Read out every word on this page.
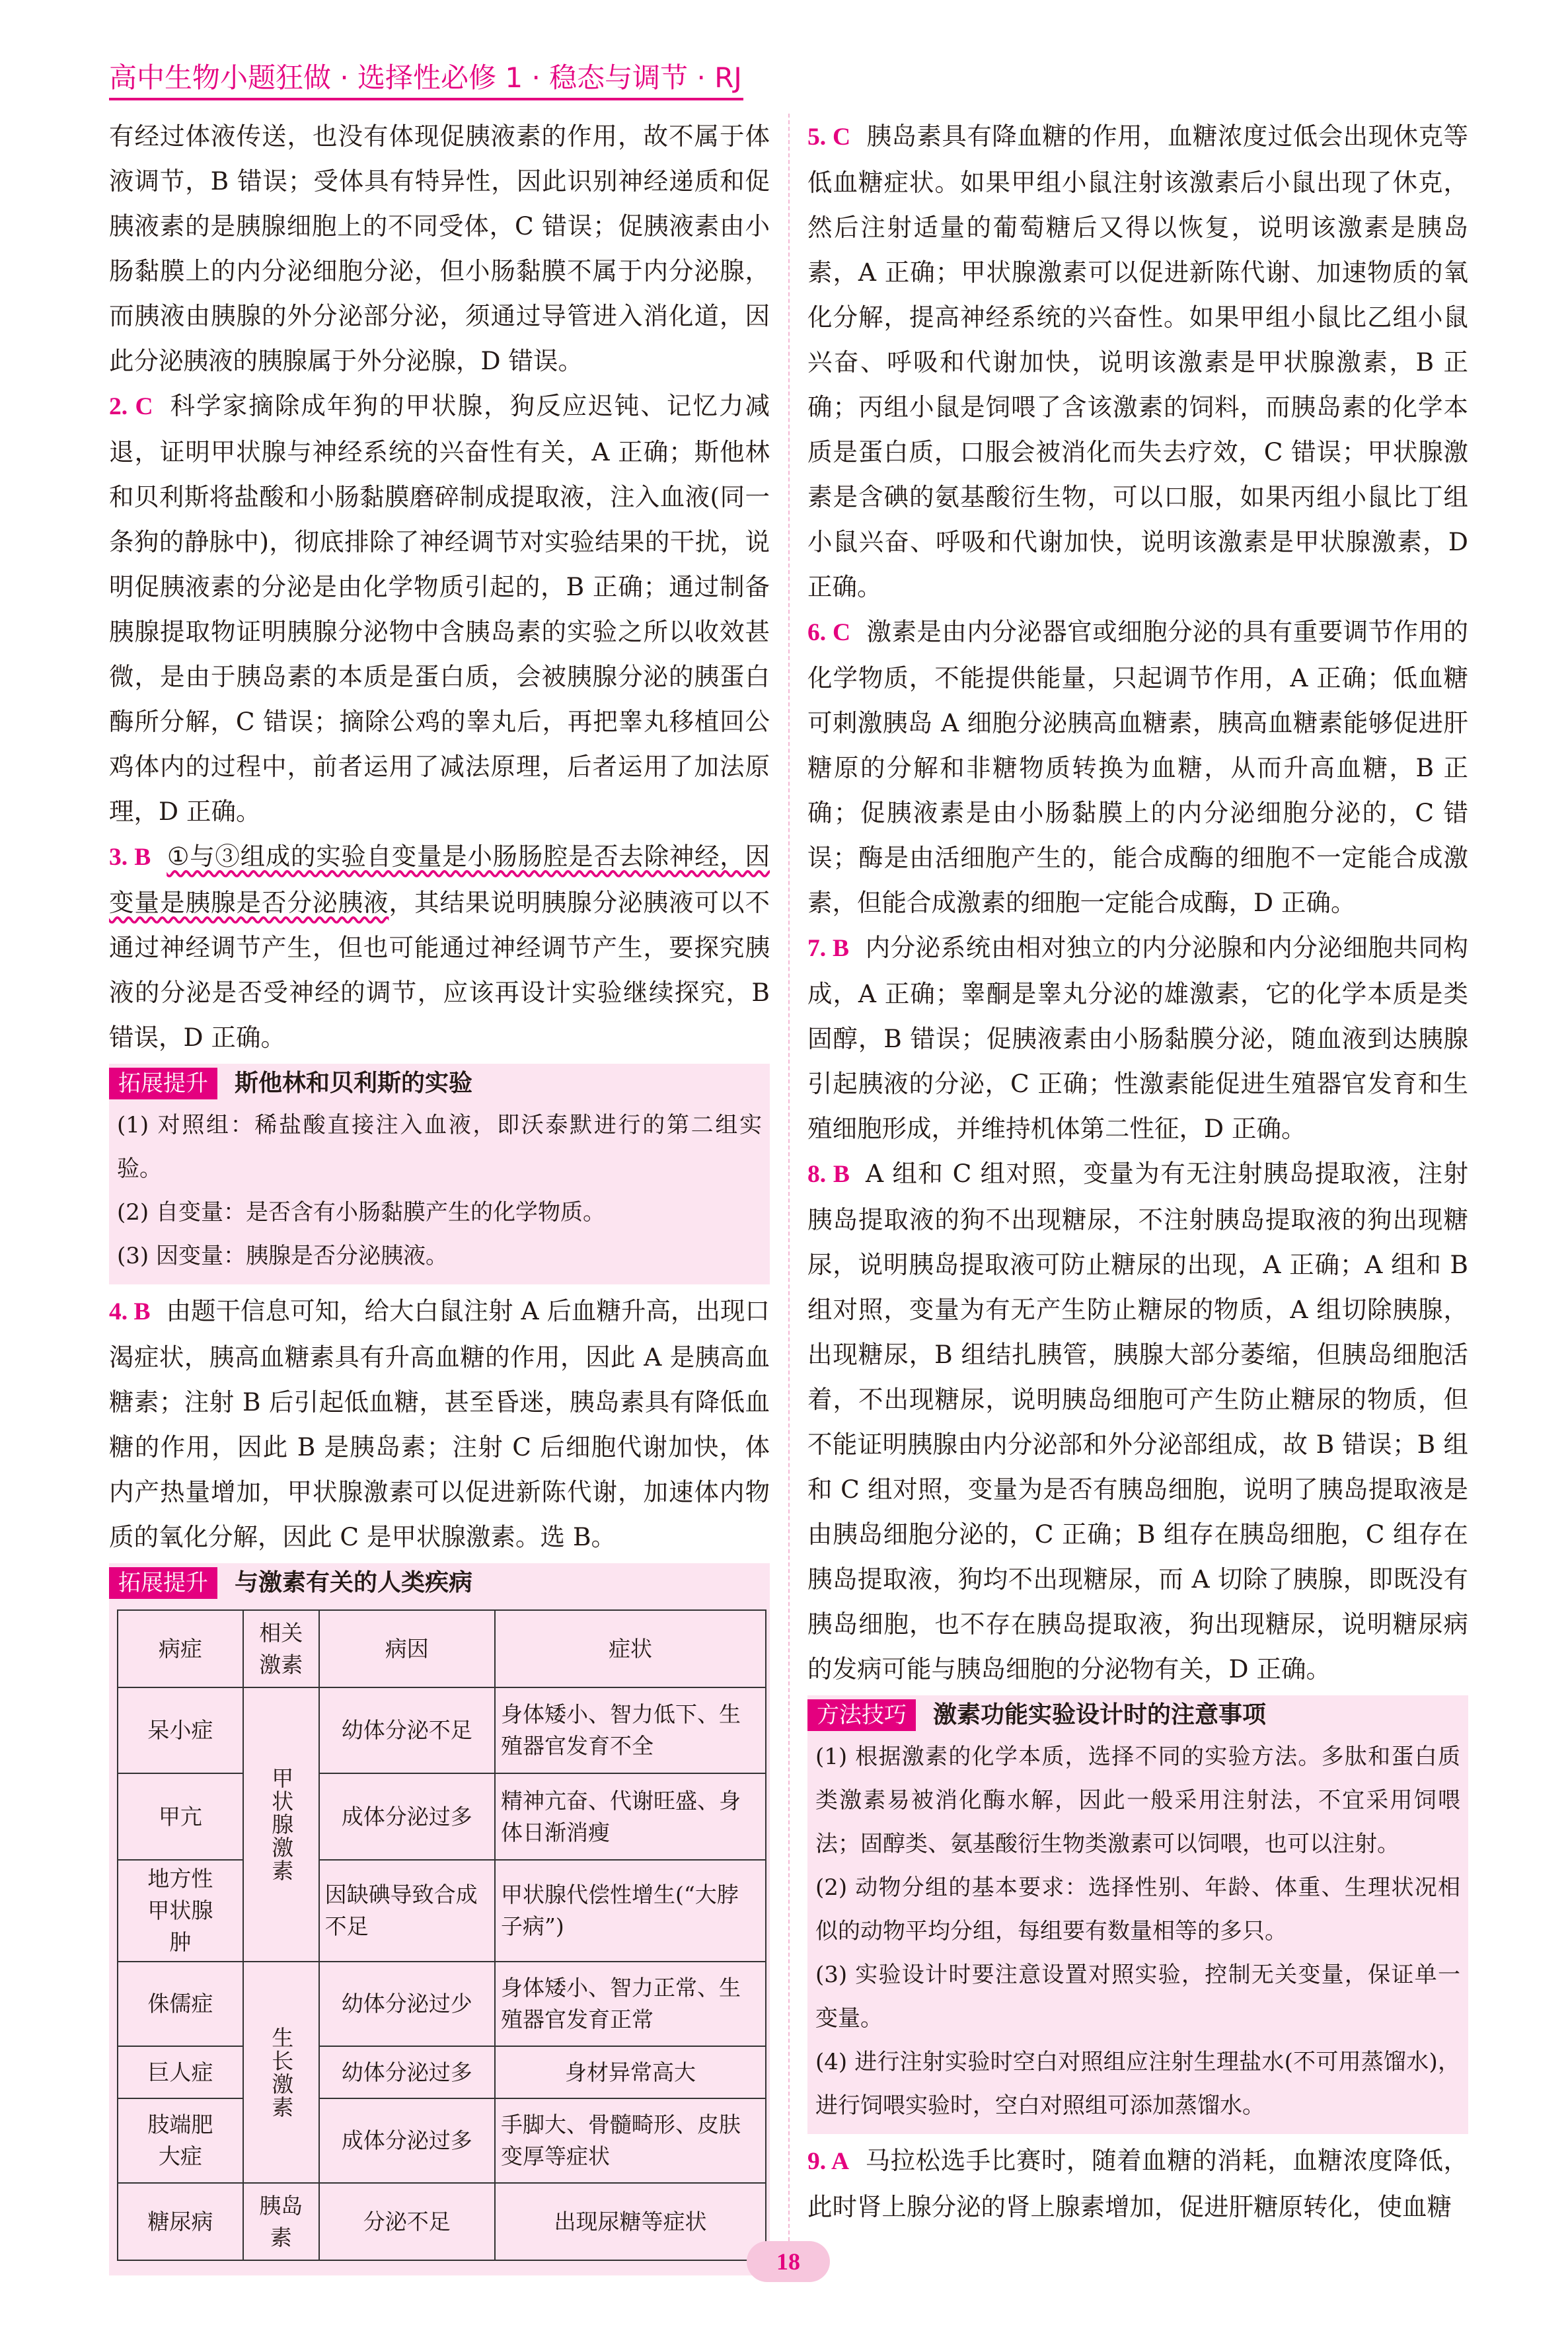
高中生物小题狂做 · 选择性必修 1 · 稳态与调节 · RJ

有经过体液传送，也没有体现促胰液素的作用，故不属于体液调节，B 错误；受体具有特异性，因此识别神经递质和促胰液素的是胰腺细胞上的不同受体，C 错误；促胰液素由小肠黏膜上的内分泌细胞分泌，但小肠黏膜不属于内分泌腺，而胰液由胰腺的外分泌部分泌，须通过导管进入消化道，因此分泌胰液的胰腺属于外分泌腺，D 错误。

2. C 科学家摘除成年狗的甲状腺，狗反应迟钝、记忆力减退，证明甲状腺与神经系统的兴奋性有关，A 正确；斯他林和贝利斯将盐酸和小肠黏膜磨碎制成提取液，注入血液(同一条狗的静脉中)，彻底排除了神经调节对实验结果的干扰，说明促胰液素的分泌是由化学物质引起的，B 正确；通过制备胰腺提取物证明胰腺分泌物中含胰岛素的实验之所以收效甚微，是由于胰岛素的本质是蛋白质，会被胰腺分泌的胰蛋白酶所分解，C 错误；摘除公鸡的睾丸后，再把睾丸移植回公鸡体内的过程中，前者运用了减法原理，后者运用了加法原理，D 正确。

3. B ①与③组成的实验自变量是小肠肠腔是否去除神经，因变量是胰腺是否分泌胰液，其结果说明胰腺分泌胰液可以不通过神经调节产生，但也可能通过神经调节产生，要探究胰液的分泌是否受神经的调节，应该再设计实验继续探究，B 错误，D 正确。

拓展提升	斯他林和贝利斯的实验
(1) 对照组：稀盐酸直接注入血液，即沃泰默进行的第二组实验。
(2) 自变量：是否含有小肠黏膜产生的化学物质。
(3) 因变量：胰腺是否分泌胰液。

4. B 由题干信息可知，给大白鼠注射 A 后血糖升高，出现口渴症状，胰高血糖素具有升高血糖的作用，因此 A 是胰高血糖素；注射 B 后引起低血糖，甚至昏迷，胰岛素具有降低血糖的作用，因此 B 是胰岛素；注射 C 后细胞代谢加快，体内产热量增加，甲状腺激素可以促进新陈代谢，加速体内物质的氧化分解，因此 C 是甲状腺激素。选 B。

拓展提升	与激素有关的人类疾病
病症	相关激素	病因	症状
呆小症	甲状腺激素	幼体分泌不足	身体矮小、智力低下、生殖器官发育不全
甲亢		成体分泌过多	精神亢奋、代谢旺盛、身体日渐消瘦
地方性甲状腺肿		因缺碘导致合成不足	甲状腺代偿性增生(“大脖子病”)
侏儒症	生长激素	幼体分泌过少	身体矮小、智力正常、生殖器官发育正常
巨人症		幼体分泌过多	身材异常高大
肢端肥大症		成体分泌过多	手脚大、骨髓畸形、皮肤变厚等症状
糖尿病	胰岛素	分泌不足	出现尿糖等症状

5. C 胰岛素具有降血糖的作用，血糖浓度过低会出现休克等低血糖症状。如果甲组小鼠注射该激素后小鼠出现了休克，然后注射适量的葡萄糖后又得以恢复，说明该激素是胰岛素，A 正确；甲状腺激素可以促进新陈代谢、加速物质的氧化分解，提高神经系统的兴奋性。如果甲组小鼠比乙组小鼠兴奋、呼吸和代谢加快，说明该激素是甲状腺激素，B 正确；丙组小鼠是饲喂了含该激素的饲料，而胰岛素的化学本质是蛋白质，口服会被消化而失去疗效，C 错误；甲状腺激素是含碘的氨基酸衍生物，可以口服，如果丙组小鼠比丁组小鼠兴奋、呼吸和代谢加快，说明该激素是甲状腺激素，D 正确。

6. C 激素是由内分泌器官或细胞分泌的具有重要调节作用的化学物质，不能提供能量，只起调节作用，A 正确；低血糖可刺激胰岛 A 细胞分泌胰高血糖素，胰高血糖素能够促进肝糖原的分解和非糖物质转换为血糖，从而升高血糖，B 正确；促胰液素是由小肠黏膜上的内分泌细胞分泌的，C 错误；酶是由活细胞产生的，能合成酶的细胞不一定能合成激素，但能合成激素的细胞一定能合成酶，D 正确。

7. B 内分泌系统由相对独立的内分泌腺和内分泌细胞共同构成，A 正确；睾酮是睾丸分泌的雄激素，它的化学本质是类固醇，B 错误；促胰液素由小肠黏膜分泌，随血液到达胰腺引起胰液的分泌，C 正确；性激素能促进生殖器官发育和生殖细胞形成，并维持机体第二性征，D 正确。

8. B A 组和 C 组对照，变量为有无注射胰岛提取液，注射胰岛提取液的狗不出现糖尿，不注射胰岛提取液的狗出现糖尿，说明胰岛提取液可防止糖尿的出现，A 正确；A 组和 B 组对照，变量为有无产生防止糖尿的物质，A 组切除胰腺，出现糖尿，B 组结扎胰管，胰腺大部分萎缩，但胰岛细胞活着，不出现糖尿，说明胰岛细胞可产生防止糖尿的物质，但不能证明胰腺由内分泌部和外分泌部组成，故 B 错误；B 组和 C 组对照，变量为是否有胰岛细胞，说明了胰岛提取液是由胰岛细胞分泌的，C 正确；B 组存在胰岛细胞，C 组存在胰岛提取液，狗均不出现糖尿，而 A 切除了胰腺，即既没有胰岛细胞，也不存在胰岛提取液，狗出现糖尿，说明糖尿病的发病可能与胰岛细胞的分泌物有关，D 正确。

方法技巧	激素功能实验设计时的注意事项
(1) 根据激素的化学本质，选择不同的实验方法。多肽和蛋白质类激素易被消化酶水解，因此一般采用注射法，不宜采用饲喂法；固醇类、氨基酸衍生物类激素可以饲喂，也可以注射。
(2) 动物分组的基本要求：选择性别、年龄、体重、生理状况相似的动物平均分组，每组要有数量相等的多只。
(3) 实验设计时要注意设置对照实验，控制无关变量，保证单一变量。
(4) 进行注射实验时空白对照组应注射生理盐水(不可用蒸馏水)，进行饲喂实验时，空白对照组可添加蒸馏水。

9. A 马拉松选手比赛时，随着血糖的消耗，血糖浓度降低，此时肾上腺分泌的肾上腺素增加，促进肝糖原转化，使血糖

18
